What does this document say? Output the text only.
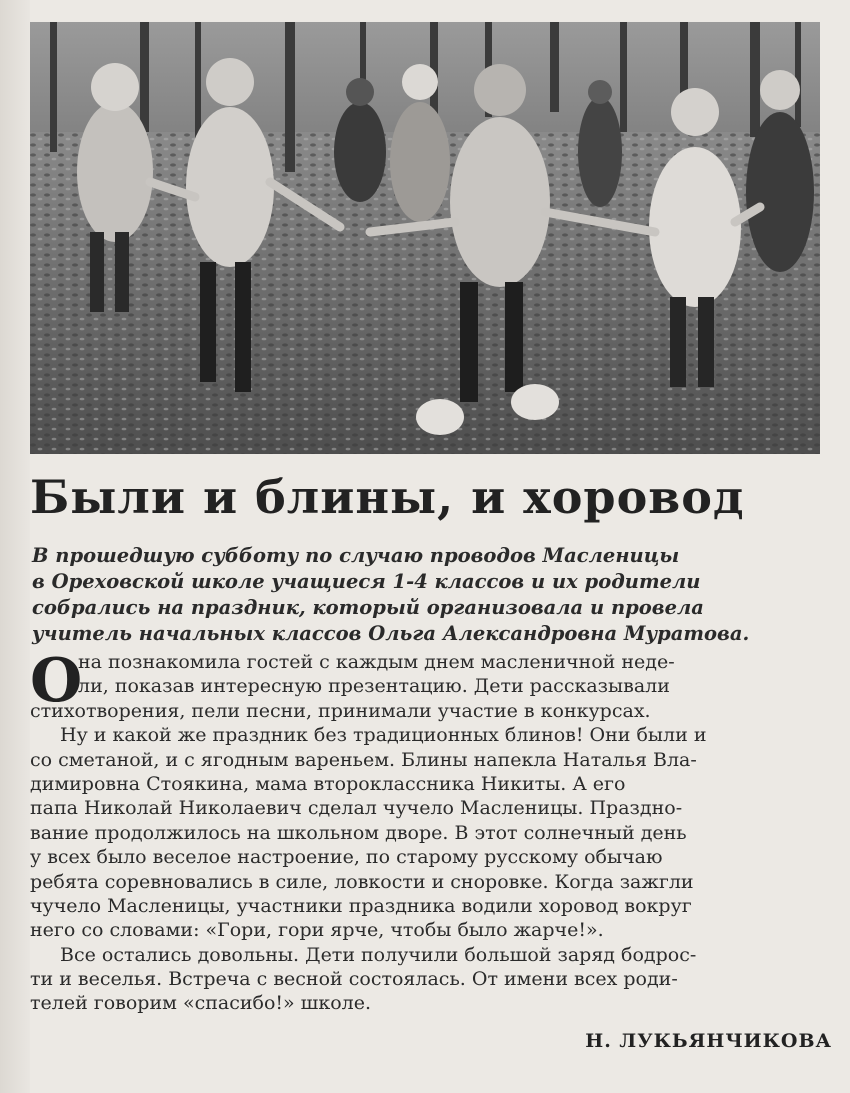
Были и блины, и хоровод
В прошедшую субботу по случаю проводов Масленицы
в Ореховской школе учащиеся 1-4 классов и их родители
собрались на праздник, который организовала и провела
учитель начальных классов Ольга Александровна Муратова.
О
на познакомила гостей с каждым днем масленичной неде-
ли, показав интересную презентацию. Дети рассказывали
стихотворения, пели песни, принимали участие в конкурсах.
Ну и какой же праздник без традиционных блинов! Они были и
со сметаной, и с ягодным вареньем. Блины напекла Наталья Вла-
димировна Стоякина, мама второклассника Никиты. А его
папа Николай Николаевич сделал чучело Масленицы. Праздно-
вание продолжилось на школьном дворе. В этот солнечный день
у всех было веселое настроение, по старому русскому обычаю
ребята соревновались в силе, ловкости и сноровке. Когда зажгли
чучело Масленицы, участники праздника водили хоровод вокруг
него со словами: «Гори, гори ярче, чтобы было жарче!».
Все остались довольны. Дети получили большой заряд бодрос-
ти и веселья. Встреча с весной состоялась. От имени всех роди-
телей говорим «спасибо!» школе.
Н. ЛУКЬЯНЧИКОВА
